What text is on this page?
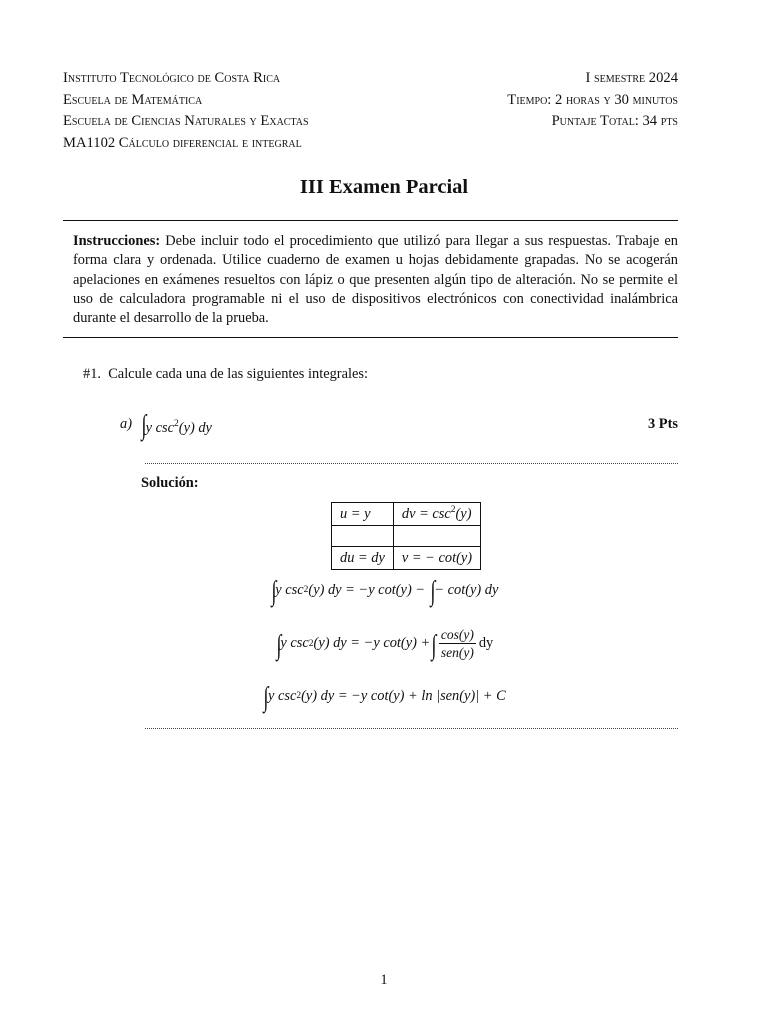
Instituto Tecnológico de Costa Rica
Escuela de Matemática
Escuela de Ciencias Naturales y Exactas
MA1102 Cálculo diferencial e integral
I semestre 2024
Tiempo: 2 horas y 30 minutos
Puntaje Total: 34 pts
III Examen Parcial
Instrucciones: Debe incluir todo el procedimiento que utilizó para llegar a sus respuestas. Trabaje en forma clara y ordenada. Utilice cuaderno de examen u hojas debidamente grapadas. No se acogerán apelaciones en exámenes resueltos con lápiz o que presenten algún tipo de alteración. No se permite el uso de calculadora programable ni el uso de dispositivos electrónicos con conectividad inalámbrica durante el desarrollo de la prueba.
#1. Calcule cada una de las siguientes integrales:
a) ∫y $\csc^2(y)$ dy	3 Pts
Solución:
u = y	dv = $\csc^2(y)$

du = dy	v = − cot(y)
∫ y csc 2 (y) dy =
−y cot(y) −
∫ − cot(y) dy
∫ y csc 2 (y) dy =
−y cot(y) + ∫ $\frac{\cos(y)}{\text{sen(y)}}$ dy
∫ y csc 2 (y) dy =
−y cot(y) + ln |sen(y)| + C
1
